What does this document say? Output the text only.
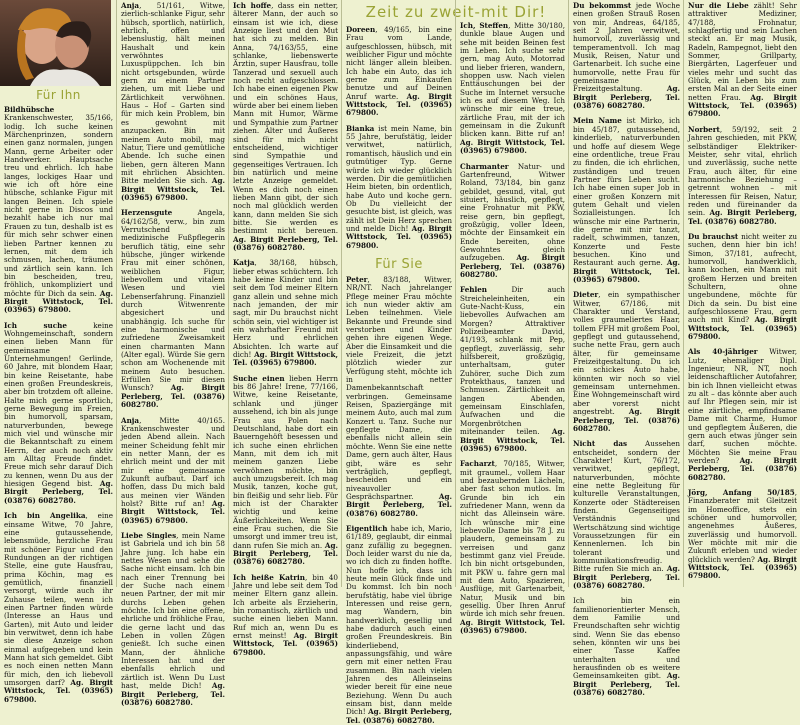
Für Ihn

Bildhübsche Krankenschwester, 35/166, lodig. Ich suche keinen Märchenprinzen, sondern einen ganz normalen, jungen Mann, gerne Arbeiter oder Handwerker. Hauptsache treu und ehrlich. Ich habe langes, lockiges Haar und wie ich oft höre eine hübsche, schlanke Figur mit langen Beinen. Ich spiele nicht gerne in Discos und bezahlt habe ich nur mal Frauen zu tun, deshalb ist es für mich sehr schwer einen lieben Partner kennen zu lernen, mit dem ich schmusen, lachen, träumen und zärtlich sein kann. Ich bin bescheiden, treu, fröhlich, unkompliziert und möchte für Dich da sein. Ag. Birgit Wittstock, Tel. (03965) 679800.

Ich suche keine Wohngemeinschaft, sondern einen lieben Mann für gemeinsame Unternehmungen! Gerlinde, 60 Jahre, mit blondem Haar, bin keine Reisetante, habe einen großen Freundeskreis, aber bin trotzdem oft alleine. Halte mich gerne sportlich, gerne Bewegung im Freien, bin humorvoll, sparsam, naturverbunden, bewege mich viel und wünsche mir die Bekanntschaft zu einem Herrn, der auch noch aktiv am Alltag Freude findet. Freue mich sehr darauf Dich zu kennen, wenn Du aus der hiesigen Gegend bist. Ag. Birgit Perleberg, Tel. (03876) 6082780.

Ich bin Angelika, eine einsame Witwe, 70 Jahre, eine gutaussehende, lebensmüde, herzliche Frau mit schöner Figur und den Rundungen an der richtigen Stelle, eine gute Hausfrau, prima Köchin, mag es gemütlich, finanziell versorgt, würde auch ihr Zuhause teilen, wenn ich einen Partner finden würde (Interesse an Haus und Garten), mit Auto und leider bin verwitwet, denn ich habe sie diese Anzeige schon einmal aufgegeben und kein Mann hat sich gemeldet. Gibt es noch einen netten Mann für mich, den ich liebevoll umsorgen darf? Ag. Birgit Wittstock, Tel. (03965) 679800.

Anja, 51/161, Witwe, zierlich-schlanke Figur, sehr hübsch, sportlich, natürlich, ehrlich, offen und lebenslustig, hält meinen Haushalt und kein verwöhntes Luxuspüppchen. Ich bin nicht ortsgebunden, würde gern zu einem Partner ziehen, um mit Liebe und Zärtlichkeit verwöhnen. Haus – Hof – Garten sind für mich kein Problem, bin es gewohnt mit anzupacken. Bin mit meinem Auto mobil, mag Natur, Tiere und gemütliche Abende. Ich suche einen lieben, gern älteren Mann mit ehrlichen Absichten. Bitte melden Sie sich. Ag. Birgit Wittstock, Tel. (03965) 679800.

Herzensgute Angela, 64/162/58, verw., bin zum Verrutschend als medizinische Fußpflegerin beruflich tätig, eine sehr hübsche, jünger wirkende Frau mit einer schönen, weiblichen Figur, liebevollem und vitalem Wesen und viel Lebenserfahrung. Finanziell durch Witwenrente abgesichert und unabhängig. Ich suche für eine harmonische und zufriedene Zweisamkeit einen charmanten Mann (Alter egal). Würde Sie gern schon am Wochenende mit meinem Auto besuchen. Erfüllen Sie mir diesen Wunsch? Ag. Birgit Perleberg, Tel. (03876) 6082780.

Anja, Mitte 40/165. Krankenschwester und jeden Abend allein. Nach meiner Scheidung fehlt mir ein netter Mann, der es ehrlich meint und der mit mir eine gemeinsame Zukunft aufbaut. Darf ich hoffen, dass Du mich bald aus meinen vier Wänden holst? Bitte ruf an! Ag. Birgit Wittstock, Tel. (03965) 679800.

Liebe Singles, mein Name ist Gabriela und ich bin 58 Jahre jung. Ich habe ein nettes Wesen und sehe die Sache nicht einsam. Ich bin nach einer Trennung bei der Suche nach einem neuen Partner, der mit mir durchs Leben gehen möchte. Ich bin eine offene, ehrliche und fröhliche Frau, die gerne lacht und das Leben in vollen Zügen genießt. Ich suche einen Mann, der ähnliche Interessen hat und der ebenfalls ehrlich und zärtlich ist. Wenn Du Lust hast, melde Dich! Ag. Birgit Perleberg, Tel. (03876) 6082780.

Ich hoffe, dass ein netter, älterer Mann, der auch so einsam ist wie ich, diese Anzeige liest und den Mut hat sich zu melden. Bin Anna, 74/163/55, eine schlanke, liebenswerte Ärztin, super Hausfrau, tolle Tanzerad und sexuell auch noch recht aufgeschlossen. Ich habe einen eigenen Pkw und ein schönes Haus, würde aber bei einem lieben Mann mit Humor, Wärme und Sympathie zum Partner ziehen. Alter und Äußeres sind für mich nicht entscheidend, wichtiger sind Sympathie und gegenseitiges Vertrauen. Ich bin natürlich und meine letzte Anzeige gemeldet. Wenn es dich noch einen lieben Mann gibt, der sich noch mal glücklich werden kann, dann melden Sie sich bitte. Sie werden es bestimmt nicht bereuen. Ag. Birgit Perleberg, Tel. (03876) 6082780.

Katja, 38/168, hübsch, lieber etwas schüchtern. Ich habe keine Kinder und bin seit dem Tod meiner Eltern ganz allein und sehne mich nach jemanden, der mir sagt, mir Du brauchst nicht schön sein, viel wichtiger ist ein wahrhafter Freund mit Herz und ehrlichen Absichten. Ich warte auf dich! Ag. Birgit Wittstock, Tel. (03965) 679800.

Suche einen lieben Herrn bis 86 Jahre! Irene, 77/166, Witwe, keine Reisetante, schlank und jünger aussehend, ich bin als junge Frau aus Polen nach Deutschland, habe dort ein Bauerngehöft besessen und ich suche einen ehrlichen Mann, mit dem ich mit meinem ganzen Liebe verwöhnen möchte, bin auch umzugsbereit. Ich mag Musik, tanzen, koche gut, bin fleißig und sehr lieb. Für mich ist der Charakter wichtig und keine Äußerlichkeiten. Wenn Sie eine Frau suchen, die Sie umsorgt und immer treu ist, dann rufen Sie mich an. Ag. Birgit Perleberg, Tel. (03876) 6082780.

Ich heiße Katrin, bin 40 Jahre und lebe seit dem Tod meiner Eltern ganz allein. Ich arbeite als Erzieherin, bin romantisch, zärtlich und suche einen lieben Mann. Ruf mich an, wenn Du es ernst meinst! Ag. Birgit Wittstock, Tel. (03965) 679800.

Zeit zu zweit-mit Dir!

Doreen, 49/165, bin eine Frau vom Lande, aufgeschlossen, hübsch, mit weiblicher Figur und möchte nicht länger allein bleiben. Ich habe ein Auto, das ich gerne zum Einkaufen benutze und auf Deinen Anruf warte. Ag. Birgit Wittstock, Tel. (03965) 679800.

Bianka ist mein Name, bin 55 Jahre, berufstätig, leider verwitwet, natürlich, romantisch, häuslich und ein gutmütiger Typ. Gerne würde ich wieder glücklich werden. Dir die gemütlichen Heim bieten, bin ordentlich, habe Auto und koche gern. Ob Du vielleicht der gesuchte bist, ist gleich, was zählt ist Dein Herz sprechen und melde Dich! Ag. Birgit Wittstock, Tel. (03965) 679800.

Für Sie

Peter, 83/188, Witwer, NR/NT. Nach jahrelanger Pflege meiner Frau möchte ich nun wieder aktiv am Leben teilnehmen. Viele Bekannte und Freunde sind verstorben und Kinder gehen ihre eigenen Wege. Aber die Einsamkeit und die viele Freizeit, die jetzt plötzlich wieder zur Verfügung steht, möchte ich in netter Damenbekanntschaft verbringen. Gemeinsame Reisen, Spaziergänge mit meinem Auto, auch mal zum Konzert u. Tanz. Suche nur gepflegte Dame, die ebenfalls nicht allein sein möchte. Wenn Sie eine nette Dame, gern auch älter, Haus gibt, wäre es sehr verträglich, gepflegt, bescheiden und ein niveauvoller Gesprächspartner. Ag. Birgit Perleberg, Tel. (03876) 6082780.

Eigentlich habe ich, Mario, 61/189, geglaubt, dir einmal ganz zufällig zu begegnen. Doch leider warst du nie da, wo ich dich zu finden hoffte. Nun hoffe ich, dass ich heute mein Glück finde und Du kommst. Ich bin noch berufstätig, habe viel übrige Interessen und reise gern, mag Wandern, bin handwerklich, gesellig und habe dadurch auch einen großen Freundeskreis. Bin kinderliebend, anpassungsfähig, und wäre gern mit einer netten Frau zusammen. Bin nach vielen Jahren des Alleinseins wieder bereit für eine neue Beziehung. Wenn Du auch einsam bist, dann melde Dich! Ag. Birgit Perleberg, Tel. (03876) 6082780.

Ich, Steffen, Mitte 30/180, dunkle blaue Augen und sehe mit beiden Beinen fest im Leben. Ich suche sehr gern, mag Auto, Motorrad und lieber frieren, wandern, shoppen usw. Nach vielen Enttäuschungen bei der Suche im Internet versuche ich es auf diesem Weg. Ich wünsche mir eine treue, zärtliche Frau, mit der ich gemeinsam in die Zukunft blicken kann. Bitte ruf an! Ag. Birgit Wittstock, Tel. (03965) 679800.

Charmanter Natur- und Gartenfreund, Witwer Roland, 73/184, bin ganz gebildet, gesund, vital, gut situiert, häuslich, gepflegt, eine Frohnatur mit PKW, reise gern, bin gepflegt, großzügig, voller Ideen, möchte der Einsamkeit ein Ende bereiten, ohne Gewohntes gleich aufzugeben. Ag. Birgit Perleberg, Tel. (03876) 6082780.

Fehlen Dir auch Streicheleinheiten, ein Gute-Nacht-Kuss, ein liebevolles Aufwachen am Morgen? Attraktiver Polizeibeamter David, 41/193, schlank mit Pep, gepflegt, zuverlässig, sehr hilfsbereit, großzügig, unterhaltsam, guter Zuhörer, suche Dich zum Protekthaus, tanzen und Schmusen. Zärtlichkeit an langen Abenden, gemeinsam Einschlafen, Aufwachen und die Morgenbrötchen miteinander teilen. Ag. Birgit Wittstock, Tel. (03965) 679800.

Facharzt, 70/185, Witwer, mit graumel., vollem Haar und bezaubernden Lächeln, aber fast schon mutlos. Im Grunde bin ich ein zufriedener Mann, wenn da nicht das Alleinsein wäre. Ich wünsche mir eine liebevolle Dame bis 78 J. zu plaudern, gemeinsam zu verreisen und ganz bestimmt ganz viel Freude. Ich bin nicht ortsgebunden, mit PKW u. fahre gern mal mit dem Auto, Spazieren, Ausflüge, mit Gartenarbeit, Natur, Musik und bin gesellig. Über Ihren Anruf würde ich mich sehr freuen. Ag. Birgit Wittstock, Tel. (03965) 679800.

Du bekommst jede Woche einen großen Strauß Rosen von mir, Andreas, 64/185, seit 2 Jahren verwitwet, humorvoll, zuverlässig und temperamentvoll. Ich mag Musik, Reisen, Natur und Gartenarbeit. Ich suche eine humorvolle, nette Frau für gemeinsame Freizeitgestaltung. Ag. Birgit Perleberg, Tel. (03876) 6082780.

Mein Name ist Mirko, ich bin 45/187, gutaussehend, kinderlieb, naturverbunden und hoffe auf diesem Wege eine ordentliche, treue Frau zu finden, die ich ehrlichen, zuständigen und treuen Partner fürs Leben sucht. Ich habe einen super Job in einer großen Konzern mit gutem Gehalt und vielen Sozialleistungen. Ich wünsche mir eine Partnerin, die gerne mit mir tanzt, radelt, schwimmen, tanzen, Konzerte und Feste besuchen. Kino und Restaurant auch gerne. Ag. Birgit Wittstock, Tel. (03965) 679800.

Dieter, ein sympathischer Witwer, 67/186, mit Charakter und Verstand, volles graumeliertes Haar, tollem FFH mit großem Pool, gepflegt und gutaussehend, suche nette Frau, gern auch älter, für gemeinsame Freizeitgestaltung. Du ich ein schickes Auto habe, könnten wir noch so viel gemeinsam unternehmen. Eine Wohngemeinschaft wird aber vorerst nicht angestrebt. Ag. Birgit Perleberg, Tel. (03876) 6082780.

Nicht das Aussehen entscheidet, sondern der Charakter! Kurt, 76/172, verwitwet, gepflegt, naturverbunden, möchte eine nette Begleitung für kulturelle Veranstaltungen, Konzerte oder Städtereisen finden. Gegenseitiges Verständnis und Wertschätzung sind wichtige Voraussetzungen für ein Kennenlernen. Ich bin tolerant und kommunikationsfreudig. Bitte rufen Sie mich an. Ag. Birgit Perleberg, Tel. (03876) 6082780.

Ich bin ein familienorientierter Mensch, dem Familie und Freundschaften sehr wichtig sind. Wenn Sie das ebenso sehen, könnten wir uns bei einer Tasse Kaffee unterhalten und herausfinden ob es weitere Gemeinsamkeiten gibt. Ag. Birgit Perleberg, Tel. (03876) 6082780.

Nur die Liebe zählt! Sehr attraktiver Mediziner, 47/188, Frohnatur, schlagfertig und sein Lachen steckt an. Er mag Musik, Radeln, Rampegnot, liebt den Sommer, Grillparty, Biergärten, Lagerfeuer und vieles mehr und sucht das Glück, ein Leben bis zum ersten Mal an der Seite einer netten Frau. Ag. Birgit Wittstock, Tel. (03965) 679800.

Norbert, 59/192, seit 2 Jahren geschieden, mit PKW, selbständiger Elektriker-Meister, sehr vital, ehrlich und zuverlässig, suche nette Frau, auch älter, für eine harmonische Beziehung – getrennt wohnen – mit Interessen für Reisen, Natur, reden und füreinander da sein. Ag. Birgit Perleberg, Tel. (03876) 6082780.

Du brauchst nicht weiter zu suchen, denn hier bin ich! Simon, 37/181, aufrecht, humorvoll, handwerklich, kann kochen, ein Mann mit großem Herzen und breiten Schultern, ohne ungebundene, möchte für Dich da sein. Du bist eine aufgeschlossene Frau, gern auch mit Kind? Ag. Birgit Wittstock, Tel. (03965) 679800.

Als 40-jähriger Witwer, Lutz, ehemaliger Dipl. Ingenieur, NR, NT, noch leidenschaftlicher Autofahrer, bin ich Ihnen vielleicht etwas zu alt – das könnte aber auch auf Ihr Pflegen sein, mir ist eine zärtliche, empfindsame Dame mit Charme, Humor und gepflegtem Äußeren, die gern auch etwas jünger sein darf, suchen möchte. Möchten Sie meine Frau werden? Ag. Birgit Perleberg, Tel. (03876) 6082780.

Jörg, Anfang 50/185, Finanzberater mit Gleitzeit im Homeoffice, stets ein schöner und humorvoller, angenehmes Äußeres, zuverlässig und humorvoll. Wer möchte mit mir die Zukunft erleben und wieder glücklich werden? Ag. Birgit Wittstock, Tel. (03965) 679800.
